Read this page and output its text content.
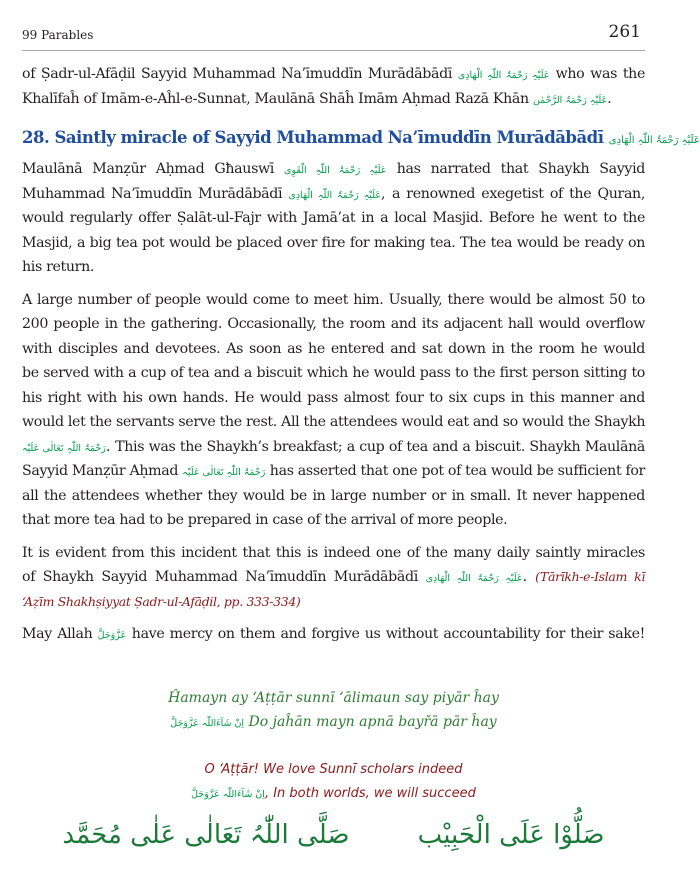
99 Parables	261
of Ṣadr-ul-Afāḍil Sayyid Muhammad Na’īmuddīn Murādābādī عَلَیْہِ رَحْمَۃُ اللّٰہِ الْھَادِی who was the
Khalīfaĥ of Imām-e-Aĥl-e-Sunnat, Maulānā Shāĥ Imām Aḥmad Razā Khān عَلَیْہِ رَحْمَۃُ الرَّحْمٰن.
28. Saintly miracle of Sayyid Muhammad Na’īmuddīn Murādābādī عَلَیْہِ رَحْمَۃُ اللّٰہِ الْھَادِی
Maulānā Manẓūr Aḥmad Għauswī عَلَیْہِ رَحْمَۃُ اللّٰہِ الْقَوِی has narrated that Shaykh Sayyid
Muhammad Na’īmuddīn Murādābādī عَلَیْہِ رَحْمَۃُ اللّٰہِ الْھَادِی, a renowned exegetist of the Quran,
would regularly offer Ṣalāt-ul-Fajr with Jamā’at in a local Masjid. Before he went to the
Masjid, a big tea pot would be placed over fire for making tea. The tea would be ready on
his return.
A large number of people would come to meet him. Usually, there would be almost 50 to
200 people in the gathering. Occasionally, the room and its adjacent hall would overflow
with disciples and devotees. As soon as he entered and sat down in the room he would
be served with a cup of tea and a biscuit which he would pass to the first person sitting to
his right with his own hands. He would pass almost four to six cups in this manner and
would let the servants serve the rest. All the attendees would eat and so would the Shaykh
رَحْمَۃُ اللّٰہِ تَعَالٰی عَلَیْہ. This was the Shaykh’s breakfast; a cup of tea and a biscuit. Shaykh Maulānā
Sayyid Manẓūr Aḥmad رَحْمَۃُ اللّٰہِ تَعَالٰی عَلَیْہ has asserted that one pot of tea would be sufficient for
all the attendees whether they would be in large number or in small. It never happened
that more tea had to be prepared in case of the arrival of more people.
It is evident from this incident that this is indeed one of the many daily saintly miracles
of Shaykh Sayyid Muhammad Na’īmuddīn Murādābādī عَلَیْہِ رَحْمَۃُ اللّٰہِ الْھَادِی. (Tārīkh-e-Islam kī
‘Aẓīm Shakhṣiyyat Ṣadr-ul-Afāḍil, pp. 333-334)
May Allah عَزَّوَجَلَّ have mercy on them and forgive us without accountability for their sake!
Ĥamayn ay ‘Aṭṭār sunnī ‘ālimaun say piyār ĥay
اِنْ شَآءَاللّٰہ عَزَّوَجَلَّ Do jaĥān mayn apnā bayřā pār ĥay
O ‘Aṭṭār! We love Sunnī scholars indeed
اِنْ شَآءَاللّٰہ عَزَّوَجَلَّ, In both worlds, we will succeed
صَلَّی اللّٰہُ تَعَالٰی عَلٰی مُحَمَّد	صَلُّوْا عَلَی الْحَبِیْب
